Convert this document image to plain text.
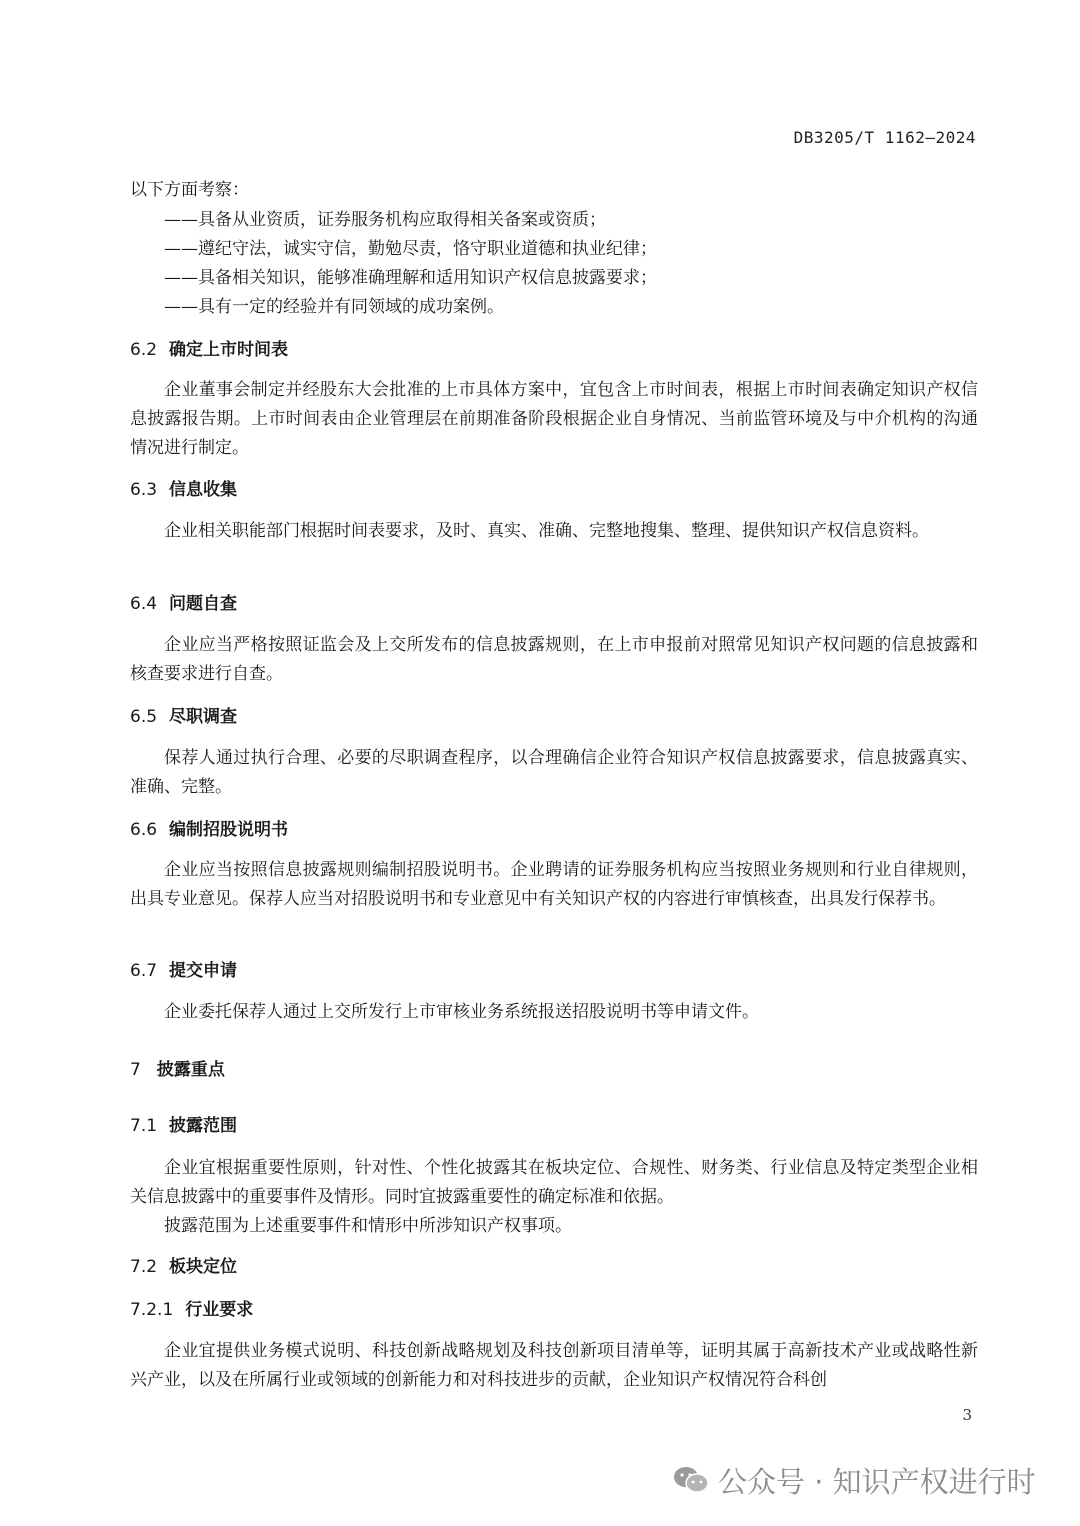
DB3205/T 1162—2024
以下方面考察：
——具备从业资质，证券服务机构应取得相关备案或资质；
——遵纪守法，诚实守信，勤勉尽责，恪守职业道德和执业纪律；
——具备相关知识，能够准确理解和适用知识产权信息披露要求；
——具有一定的经验并有同领域的成功案例。
6.2 确定上市时间表

企业董事会制定并经股东大会批准的上市具体方案中，宜包含上市时间表，根据上市时间表确定知识产权信息披露报告期。上市时间表由企业管理层在前期准备阶段根据企业自身情况、当前监管环境及与中介机构的沟通情况进行制定。

6.3 信息收集

企业相关职能部门根据时间表要求，及时、真实、准确、完整地搜集、整理、提供知识产权信息资料。

6.4 问题自查

企业应当严格按照证监会及上交所发布的信息披露规则，在上市申报前对照常见知识产权问题的信息披露和核查要求进行自查。

6.5 尽职调查

保荐人通过执行合理、必要的尽职调查程序，以合理确信企业符合知识产权信息披露要求，信息披露真实、准确、完整。

6.6 编制招股说明书

企业应当按照信息披露规则编制招股说明书。企业聘请的证券服务机构应当按照业务规则和行业自律规则，出具专业意见。保荐人应当对招股说明书和专业意见中有关知识产权的内容进行审慎核查，出具发行保荐书。

6.7 提交申请

企业委托保荐人通过上交所发行上市审核业务系统报送招股说明书等申请文件。

7 披露重点
7.1 披露范围

企业宜根据重要性原则，针对性、个性化披露其在板块定位、合规性、财务类、行业信息及特定类型企业相关信息披露中的重要事件及情形。同时宜披露重要性的确定标准和依据。

披露范围为上述重要事件和情形中所涉知识产权事项。

7.2 板块定位
7.2.1 行业要求

企业宜提供业务模式说明、科技创新战略规划及科技创新项目清单等，证明其属于高新技术产业或战略性新兴产业，以及在所属行业或领域的创新能力和对科技进步的贡献，企业知识产权情况符合科创

3
公众号 · 知识产权进行时
